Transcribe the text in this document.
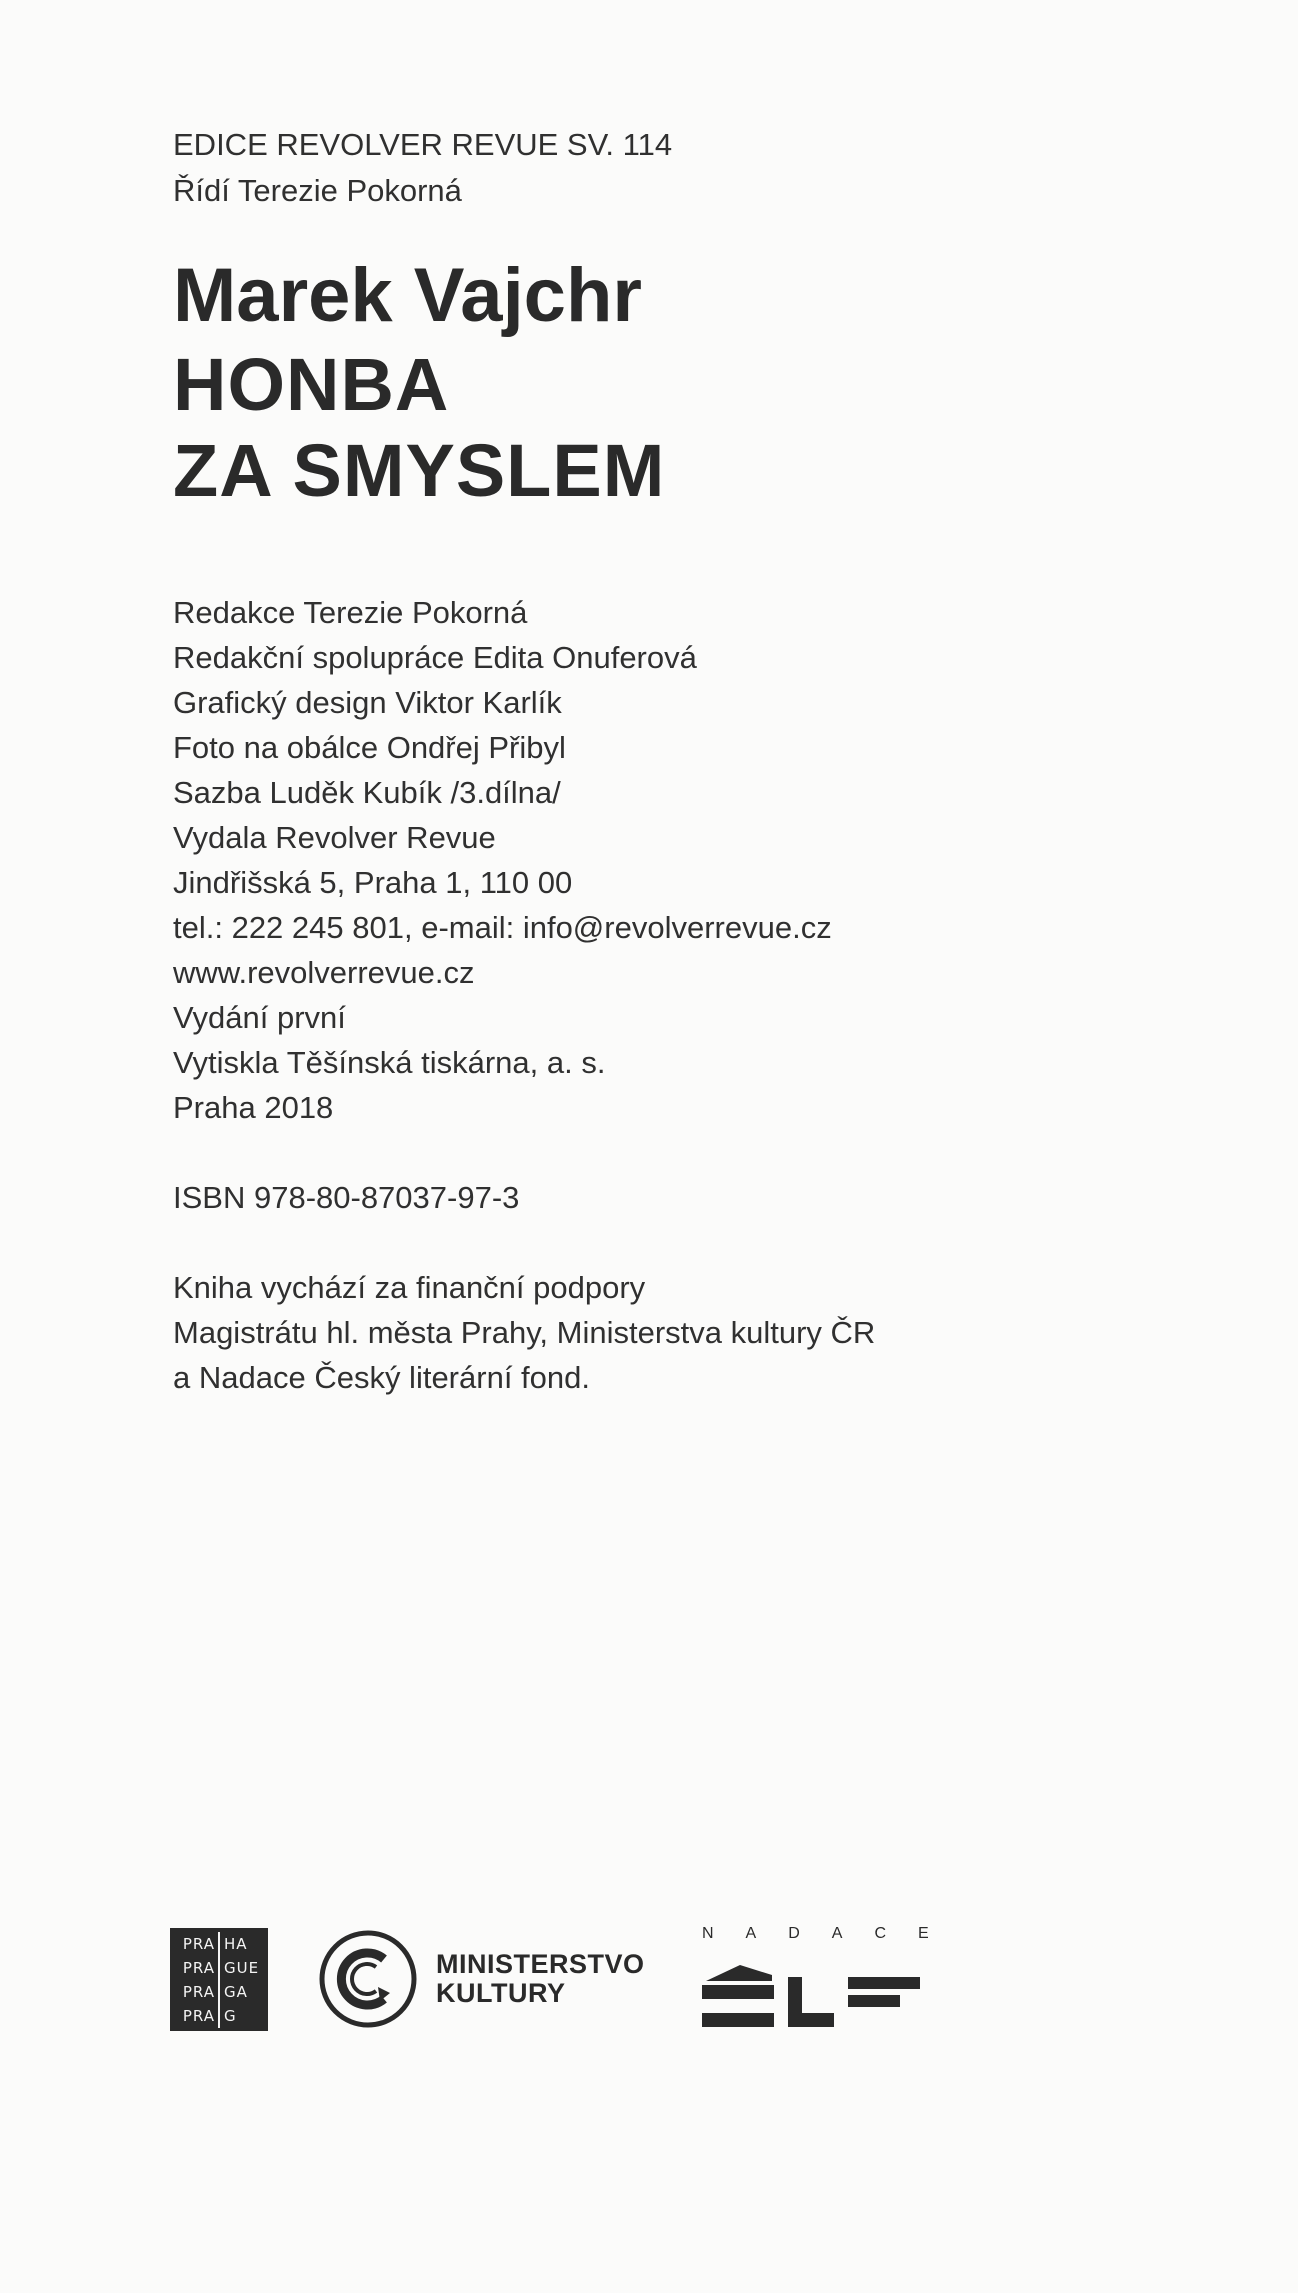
EDICE REVOLVER REVUE SV. 114
Řídí Terezie Pokorná
Marek Vajchr
HONBA
ZA SMYSLEM
Redakce Terezie Pokorná
Redakční spolupráce Edita Onuferová
Grafický design Viktor Karlík
Foto na obálce Ondřej Přibyl
Sazba Luděk Kubík /3.dílna/
Vydala Revolver Revue
Jindřišská 5, Praha 1, 110 00
tel.: 222 245 801, e-mail: info@revolverrevue.cz
www.revolverrevue.cz
Vydání první
Vytiskla Těšínská tiskárna, a. s.
Praha 2018
ISBN 978-80-87037-97-3
Kniha vychází za finanční podpory
Magistrátu hl. města Prahy, Ministerstva kultury ČR
a Nadace Český literární fond.
PRA HA
PRA GUE
PRA GA
PRA G
MINISTERSTVO
KULTURY
NADACE
